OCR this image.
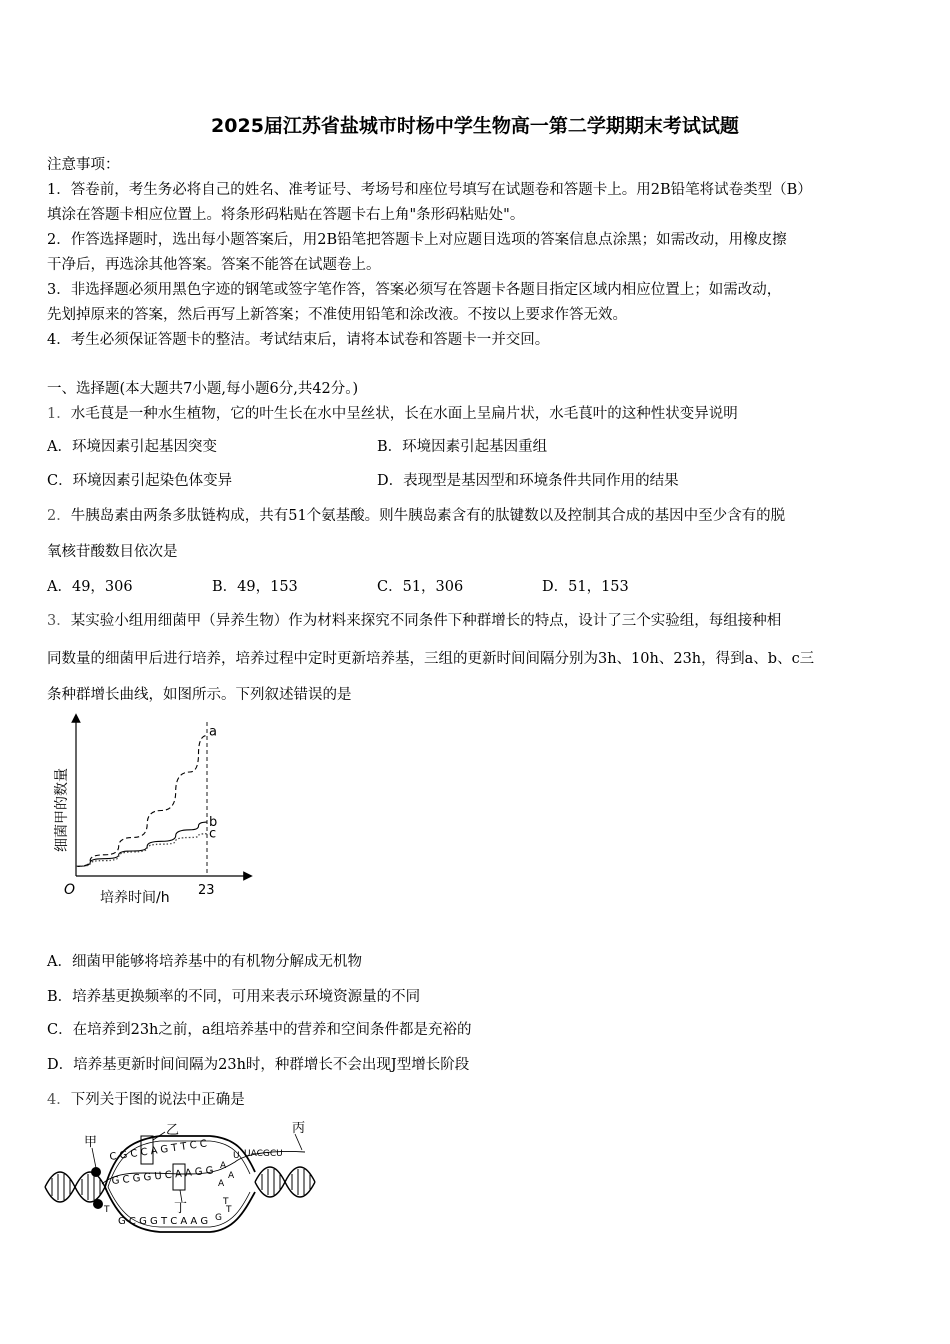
2025届江苏省盐城市时杨中学生物高一第二学期期末考试试题
注意事项：
1．答卷前，考生务必将自己的姓名、准考证号、考场号和座位号填写在试题卷和答题卡上。用2B铅笔将试卷类型（B）
填涂在答题卡相应位置上。将条形码粘贴在答题卡右上角"条形码粘贴处"。
2．作答选择题时，选出每小题答案后，用2B铅笔把答题卡上对应题目选项的答案信息点涂黑；如需改动，用橡皮擦
干净后，再选涂其他答案。答案不能答在试题卷上。
3．非选择题必须用黑色字迹的钢笔或签字笔作答，答案必须写在答题卡各题目指定区域内相应位置上；如需改动，
先划掉原来的答案，然后再写上新答案；不准使用铅笔和涂改液。不按以上要求作答无效。
4．考生必须保证答题卡的整洁。考试结束后，请将本试卷和答题卡一并交回。
一、选择题(本大题共7小题,每小题6分,共42分。)
1．水毛茛是一种水生植物，它的叶生长在水中呈丝状，长在水面上呈扁片状，水毛茛叶的这种性状变异说明
A．环境因素引起基因突变	B．环境因素引起基因重组
C．环境因素引起染色体变异	D．表现型是基因型和环境条件共同作用的结果
2．牛胰岛素由两条多肽链构成，共有51个氨基酸。则牛胰岛素含有的肽键数以及控制其合成的基因中至少含有的脱
氧核苷酸数目依次是
A．49，306	B．49，153	C．51，306	D．51，153
3．某实验小组用细菌甲（异养生物）作为材料来探究不同条件下种群增长的特点，设计了三个实验组，每组接种相
同数量的细菌甲后进行培养，培养过程中定时更新培养基，三组的更新时间间隔分别为3h、10h、23h，得到a、b、c三
条种群增长曲线，如图所示。下列叙述错误的是
a
b
c
O 培养时间/h 23
细菌甲的数量
A．细菌甲能够将培养基中的有机物分解成无机物
B．培养基更换频率的不同，可用来表示环境资源量的不同
C．在培养到23h之前，a组培养基中的营养和空间条件都是充裕的
D．培养基更新时间间隔为23h时，种群增长不会出现J型增长阶段
4．下列关于图的说法中正确是
甲
乙	丙
丁
C G C C A G T T C C
G C G G U C A A G G
UACGCU
G C G G T C A A G
A
A
T
T
G
U
A
T
